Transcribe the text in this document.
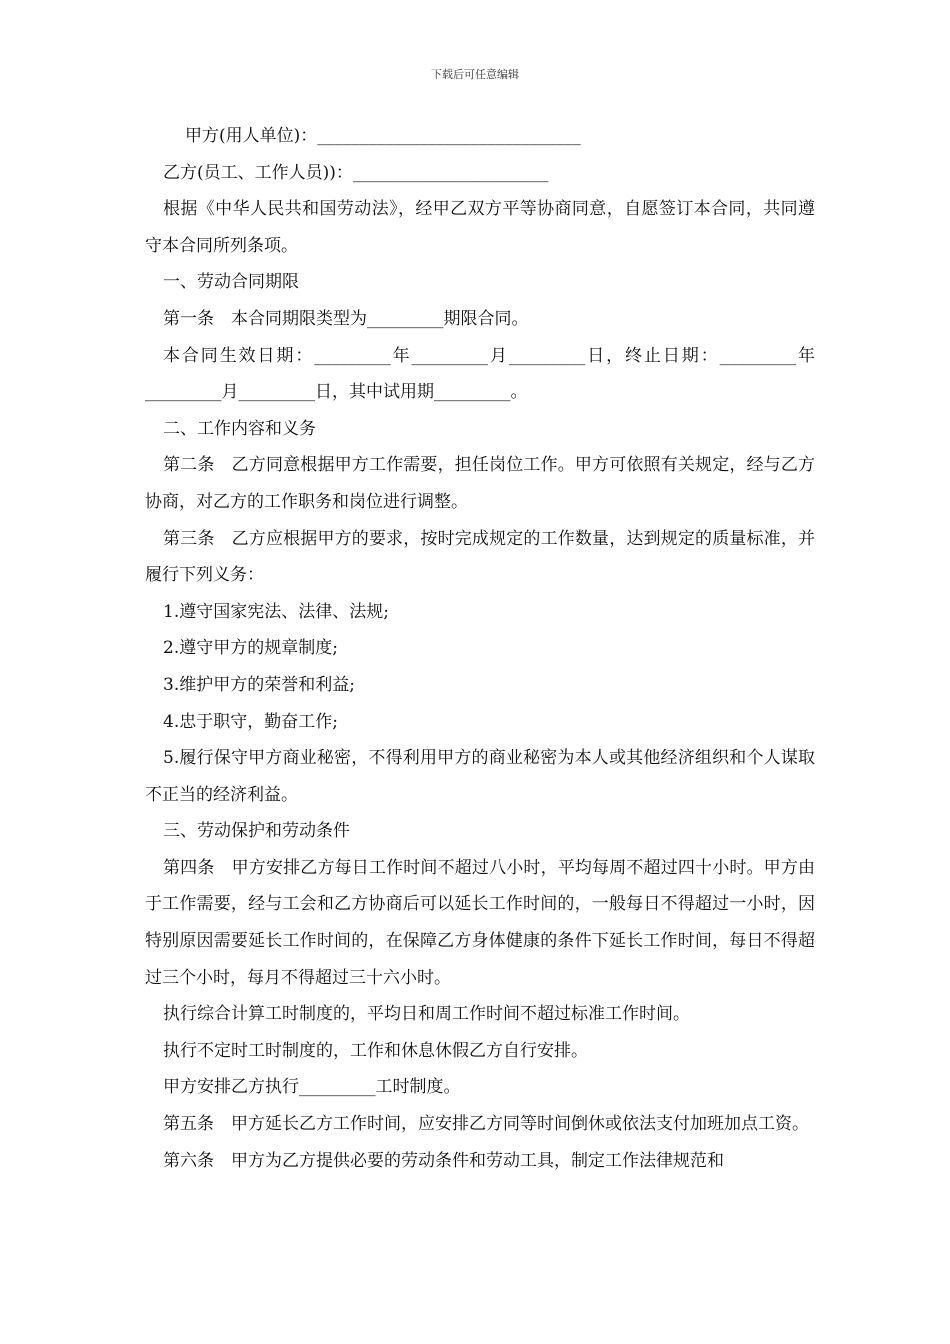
下载后可任意编辑

甲方(用人单位)：_______________________________

乙方(员工、工作人员))：_______________________

根据《中华人民共和国劳动法》，经甲乙双方平等协商同意，自愿签订本合同，共同遵守本合同所列条项。

一、劳动合同期限

第一条　本合同期限类型为_________期限合同。

本合同生效日期：_________年_________月_________日，终止日期：_________年_________月_________日，其中试用期_________。

二、工作内容和义务

第二条　乙方同意根据甲方工作需要，担任岗位工作。甲方可依照有关规定，经与乙方协商，对乙方的工作职务和岗位进行调整。

第三条　乙方应根据甲方的要求，按时完成规定的工作数量，达到规定的质量标准，并履行下列义务：

1.遵守国家宪法、法律、法规;

2.遵守甲方的规章制度;

3.维护甲方的荣誉和利益;

4.忠于职守，勤奋工作;

5.履行保守甲方商业秘密，不得利用甲方的商业秘密为本人或其他经济组织和个人谋取不正当的经济利益。

三、劳动保护和劳动条件

第四条　甲方安排乙方每日工作时间不超过八小时，平均每周不超过四十小时。甲方由于工作需要，经与工会和乙方协商后可以延长工作时间的，一般每日不得超过一小时，因特别原因需要延长工作时间的，在保障乙方身体健康的条件下延长工作时间，每日不得超过三个小时，每月不得超过三十六小时。

执行综合计算工时制度的，平均日和周工作时间不超过标准工作时间。

执行不定时工时制度的，工作和休息休假乙方自行安排。

甲方安排乙方执行_________工时制度。

第五条　甲方延长乙方工作时间，应安排乙方同等时间倒休或依法支付加班加点工资。

第六条　甲方为乙方提供必要的劳动条件和劳动工具，制定工作法律规范和
